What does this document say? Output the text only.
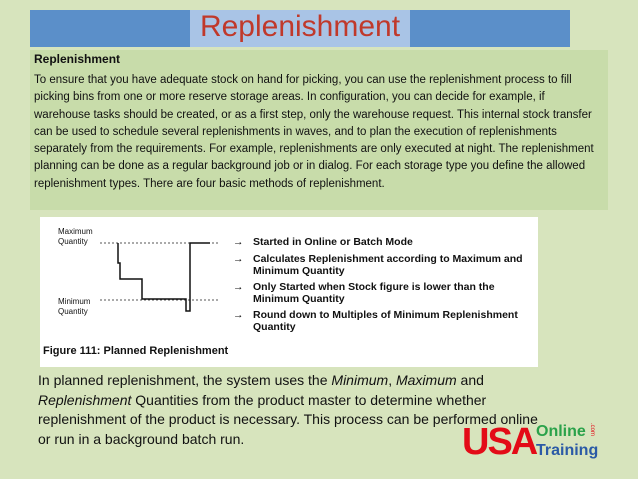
Replenishment
Replenishment
To ensure that you have adequate stock on hand for picking, you can use the replenishment process to fill picking bins from one or more reserve storage areas. In configuration, you can decide for example, if warehouse tasks should be created, or as a first step, only the warehouse request. This internal stock transfer can be used to schedule several replenishments in waves, and to plan the execution of replenishments separately from the requirements. For example, replenishments are only executed at night. The replenishment planning can be done as a regular background job or in dialog. For each storage type you define the allowed replenishment types. There are four basic methods of replenishment.
Maximum
Quantity
Minimum
Quantity
→ Started in Online or Batch Mode
→ Calculates Replenishment according to Maximum and Minimum Quantity
→ Only Started when Stock figure is lower than the Minimum Quantity
→ Round down to Multiples of Minimum Replenishment Quantity
Figure 111: Planned Replenishment
In planned replenishment, the system uses the Minimum, Maximum and Replenishment Quantities from the product master to determine whether replenishment of the product is necessary. This process can be performed online or run in a background batch run.	USA Online .com
Training
